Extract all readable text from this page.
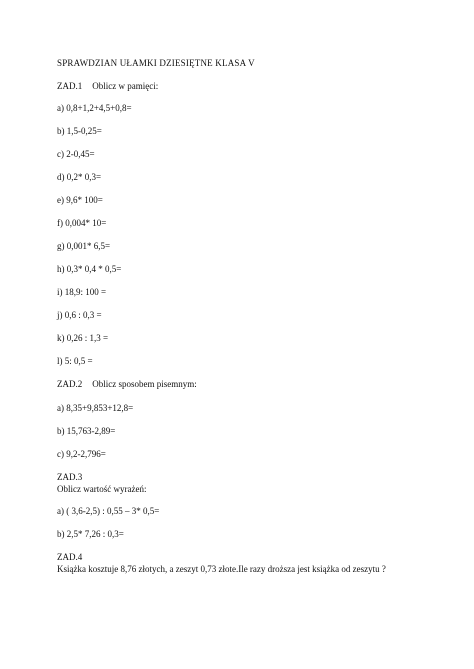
SPRAWDZIAN UŁAMKI DZIESIĘTNE KLASA V
ZAD.1 Oblicz w pamięci:
a) 0,8+1,2+4,5+0,8=
b) 1,5-0,25=
c) 2-0,45=
d) 0,2* 0,3=
e) 9,6* 100=
f) 0,004* 10=
g) 0,001* 6,5=
h) 0,3* 0,4 * 0,5=
i) 18,9: 100 =
j) 0,6 : 0,3 =
k) 0,26 : 1,3 =
l) 5: 0,5 =
ZAD.2 Oblicz sposobem pisemnym:
a) 8,35+9,853+12,8=
b) 15,763-2,89=
c) 9,2-2,796=
ZAD.3
Oblicz wartość wyrażeń:
a) ( 3,6-2,5) : 0,55 – 3* 0,5=
b) 2,5* 7,26 : 0,3=
ZAD.4
Książka kosztuje 8,76 złotych, a zeszyt 0,73 złote.Ile razy droższa jest książka od zeszytu ?
